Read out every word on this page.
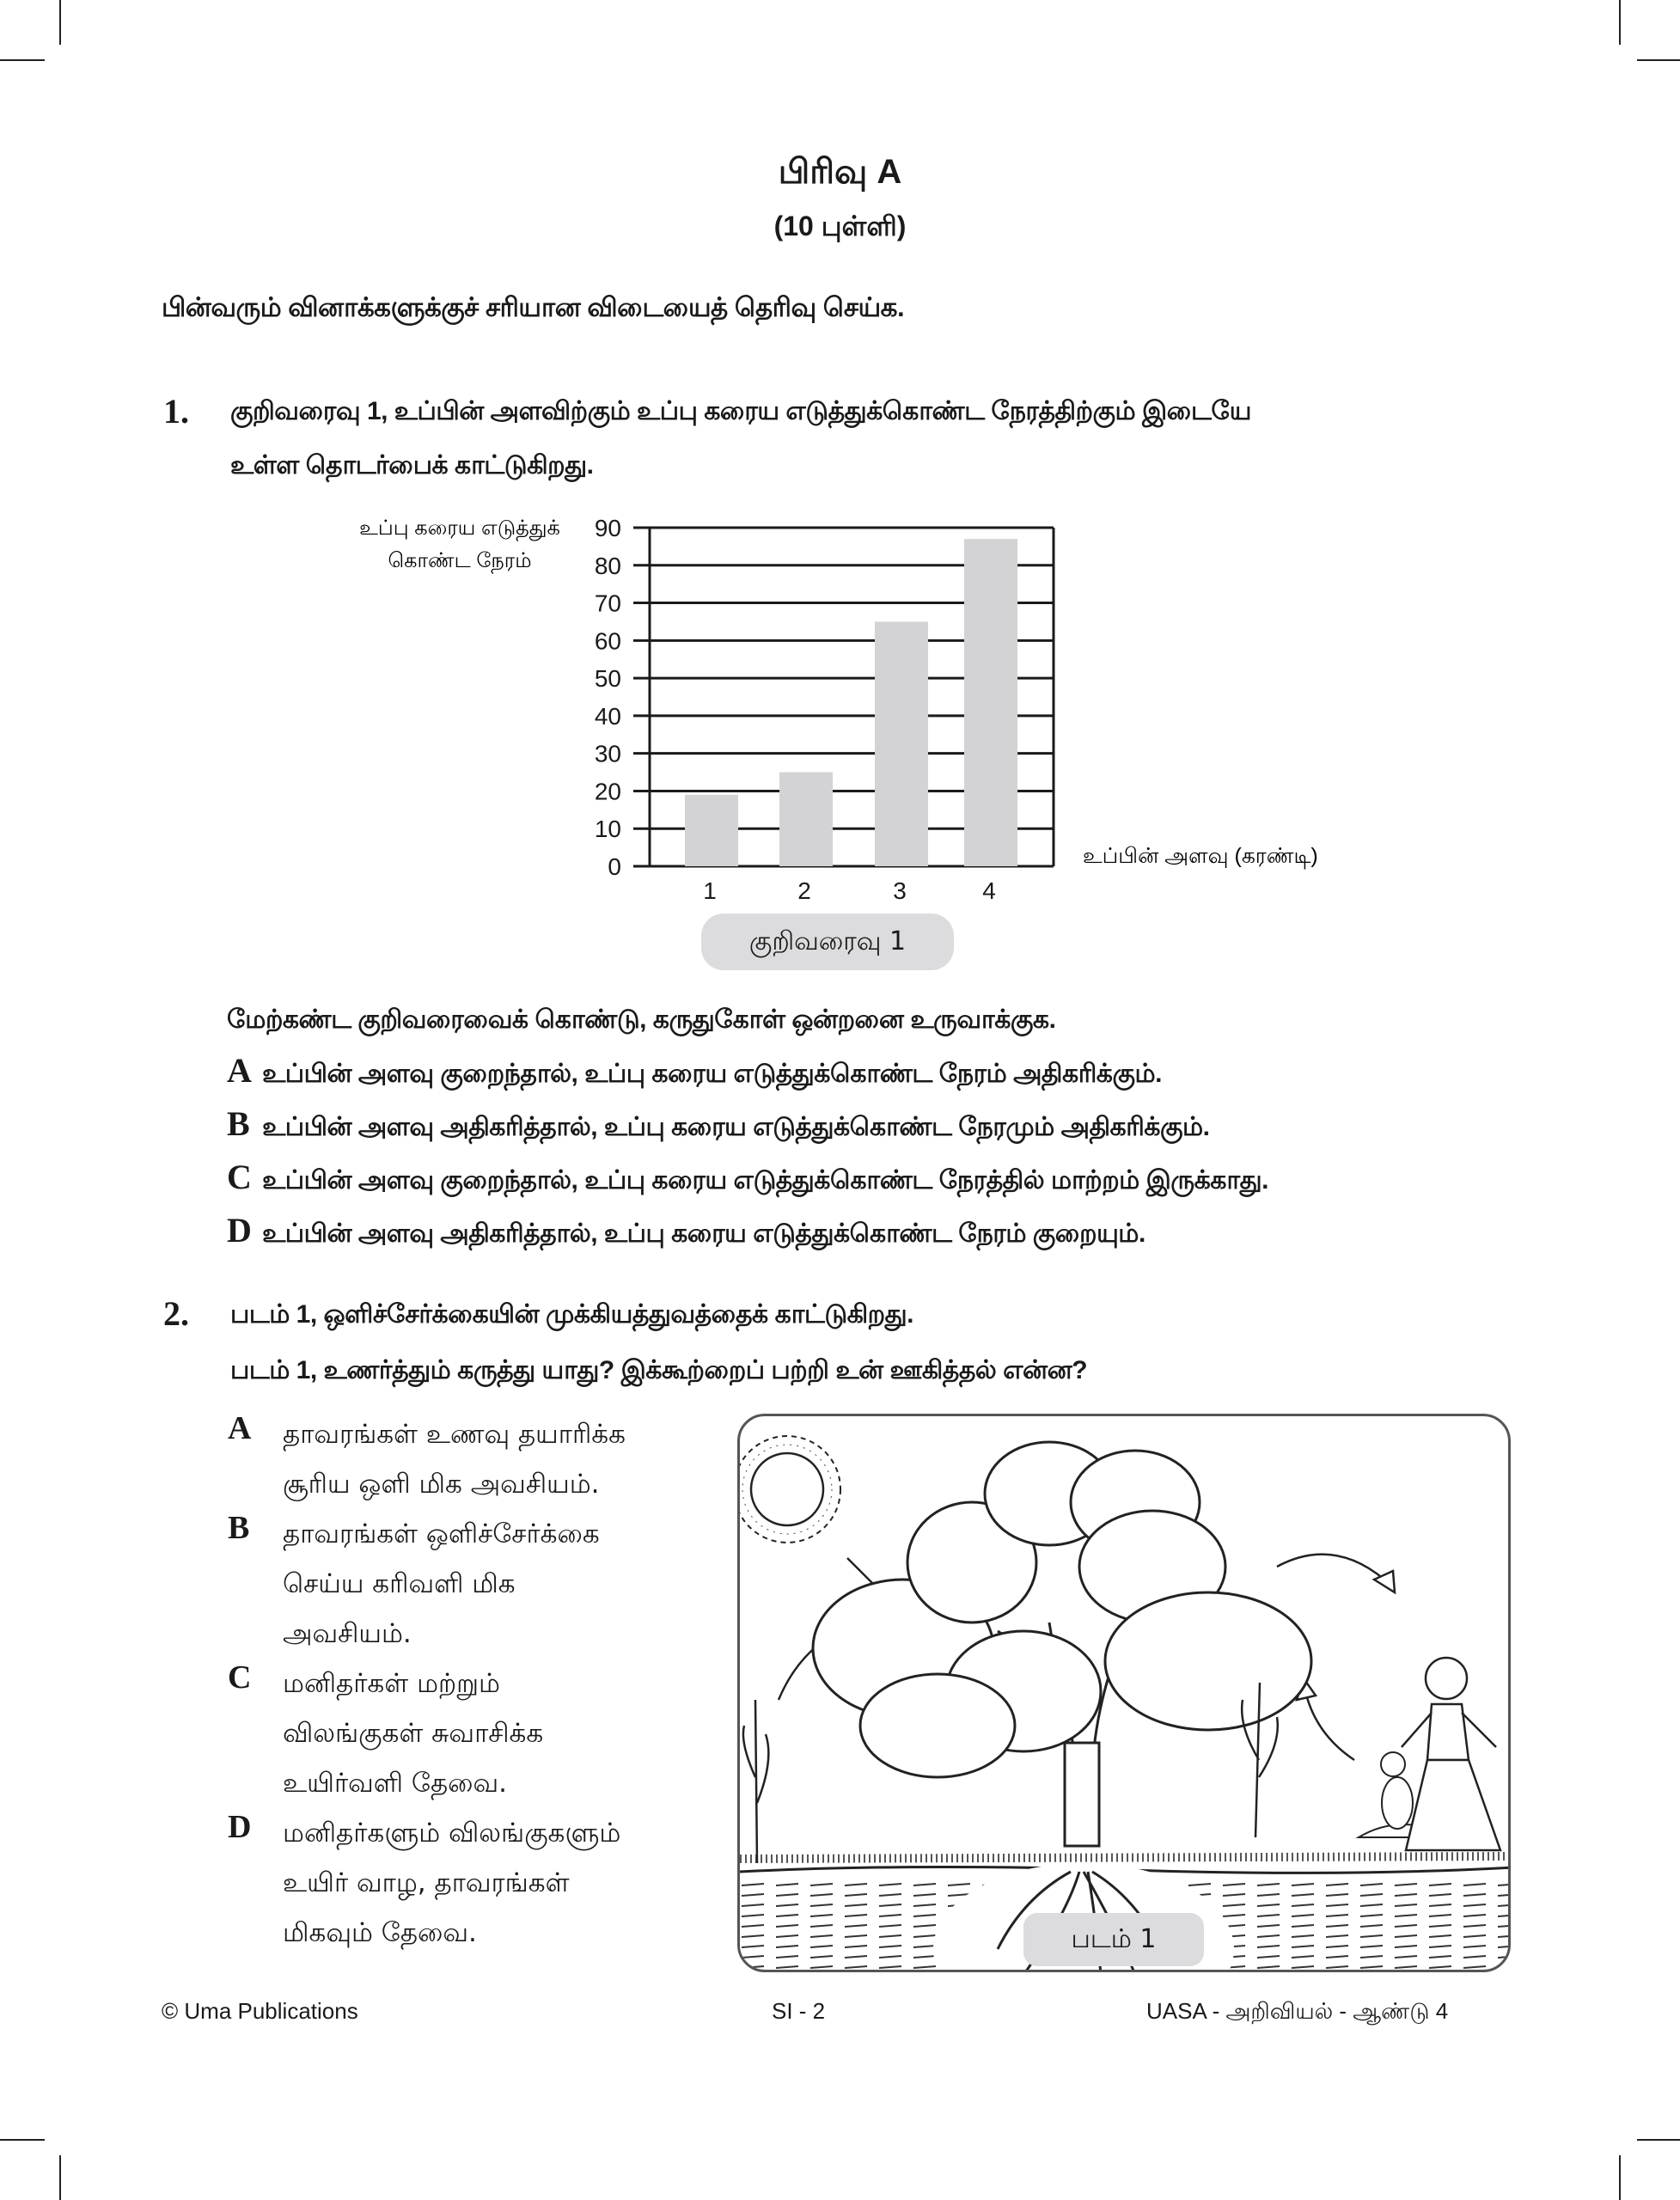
பிரிவு A
(10 புள்ளி)
பின்வரும் வினாக்களுக்குச் சரியான விடையைத் தெரிவு செய்க.
1. குறிவரைவு 1, உப்பின் அளவிற்கும் உப்பு கரைய எடுத்துக்கொண்ட நேரத்திற்கும் இடையே
உள்ள தொடர்பைக் காட்டுகிறது.
உப்பு கரைய எடுத்துக்
கொண்ட நேரம்
0
10
20
30
40
50
60
70
80
90
1	2	3	4
உப்பின் அளவு (கரண்டி)
குறிவரைவு 1
மேற்கண்ட குறிவரைவைக் கொண்டு, கருதுகோள் ஒன்றனை உருவாக்குக.
A உப்பின் அளவு குறைந்தால், உப்பு கரைய எடுத்துக்கொண்ட நேரம் அதிகரிக்கும்.
B உப்பின் அளவு அதிகரித்தால், உப்பு கரைய எடுத்துக்கொண்ட நேரமும் அதிகரிக்கும்.
C உப்பின் அளவு குறைந்தால், உப்பு கரைய எடுத்துக்கொண்ட நேரத்தில் மாற்றம் இருக்காது.
D உப்பின் அளவு அதிகரித்தால், உப்பு கரைய எடுத்துக்கொண்ட நேரம் குறையும்.
2. படம் 1, ஒளிச்சேர்க்கையின் முக்கியத்துவத்தைக் காட்டுகிறது.
படம் 1, உணர்த்தும் கருத்து யாது? இக்கூற்றைப் பற்றி உன் ஊகித்தல் என்ன?
A தாவரங்கள் உணவு தயாரிக்க
சூரிய ஒளி மிக அவசியம்.
B தாவரங்கள் ஒளிச்சேர்க்கை
செய்ய கரிவளி மிக
அவசியம்.
C மனிதர்கள் மற்றும்
விலங்குகள் சுவாசிக்க
உயிர்வளி தேவை.
D மனிதர்களும் விலங்குகளும்
உயிர் வாழ, தாவரங்கள்
மிகவும் தேவை.	படம் 1
© Uma Publications	SI - 2	UASA - அறிவியல் - ஆண்டு 4
